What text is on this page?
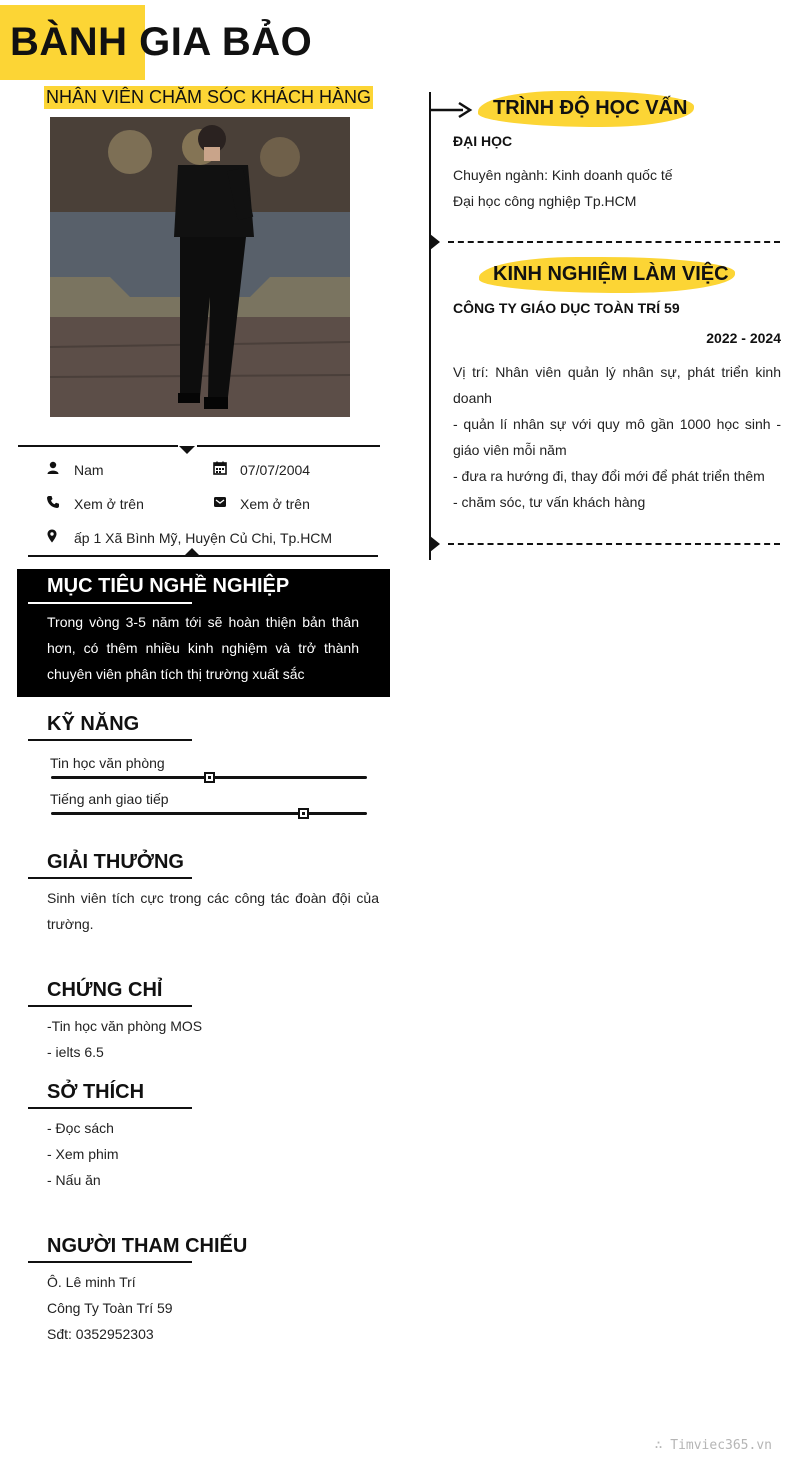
BÀNH GIA BẢO
NHÂN VIÊN CHĂM SÓC KHÁCH HÀNG
Nam	07/07/2004
Xem ở trên	Xem ở trên
ấp 1 Xã Bình Mỹ, Huyện Củ Chi, Tp.HCM
MỤC TIÊU NGHỀ NGHIỆP
Trong vòng 3-5 năm tới sẽ hoàn thiện bản thân hơn, có thêm nhiều kinh nghiệm và trở thành chuyên viên phân tích thị trường xuất sắc
KỸ NĂNG
Tin học văn phòng
Tiếng anh giao tiếp
GIẢI THƯỞNG
Sinh viên tích cực trong các công tác đoàn đội của trường.
CHỨNG CHỈ
-Tin học văn phòng MOS
- ielts 6.5
SỞ THÍCH
- Đọc sách
- Xem phim
- Nấu ăn
NGƯỜI THAM CHIẾU
Ô. Lê minh Trí
Công Ty Toàn Trí 59
Sđt: 0352952303
TRÌNH ĐỘ HỌC VẤN
ĐẠI HỌC
Chuyên ngành: Kinh doanh quốc tế
Đại học công nghiệp Tp.HCM
KINH NGHIỆM LÀM VIỆC
CÔNG TY GIÁO DỤC TOÀN TRÍ 59
2022 - 2024
Vị trí: Nhân viên quản lý nhân sự, phát triển kinh doanh
- quản lí nhân sự với quy mô gần 1000 học sinh - giáo viên mỗi năm
- đưa ra hướng đi, thay đổi mới để phát triển thêm
- chăm sóc, tư vấn khách hàng
∴ Timviec365.vn
